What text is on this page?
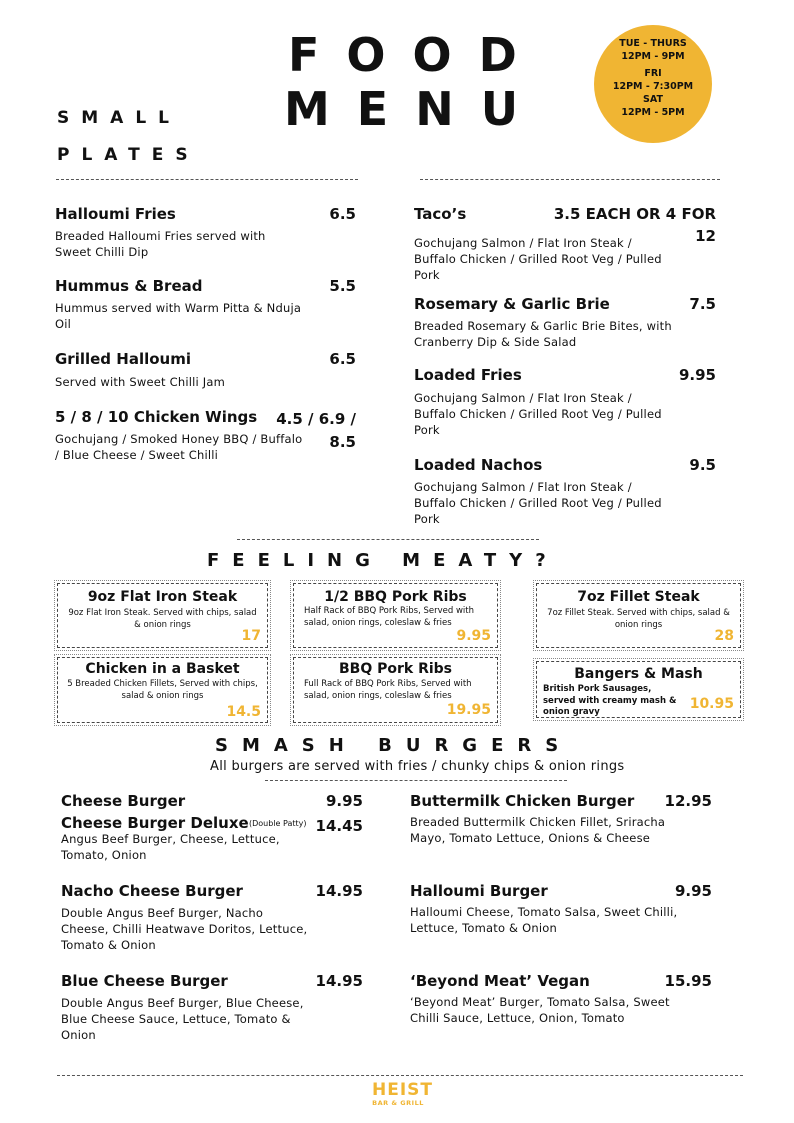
FOOD
MENU
TUE - THURS
12PM - 9PM
FRI
12PM - 7:30PM
SAT
12PM - 5PM
SMALL
PLATES
Halloumi Fries	6.5
Breaded Halloumi Fries served with Sweet Chilli Dip
Hummus & Bread	5.5
Hummus served with Warm Pitta & Nduja Oil
Grilled Halloumi	6.5
Served with Sweet Chilli Jam
5 / 8 / 10 Chicken Wings	4.5 / 6.9 /
8.5
Gochujang / Smoked Honey BBQ / Buffalo / Blue Cheese / Sweet Chilli
Taco’s	3.5 EACH OR 4 FOR
12
Gochujang Salmon / Flat Iron Steak / Buffalo Chicken / Grilled Root Veg / Pulled Pork
Rosemary & Garlic Brie	7.5
Breaded Rosemary & Garlic Brie Bites, with Cranberry Dip & Side Salad
Loaded Fries	9.95
Gochujang Salmon / Flat Iron Steak / Buffalo Chicken / Grilled Root Veg / Pulled Pork
Loaded Nachos	9.5
Gochujang Salmon / Flat Iron Steak / Buffalo Chicken / Grilled Root Veg / Pulled Pork
FEELING MEATY?
9oz Flat Iron Steak
9oz Flat Iron Steak. Served with chips, salad & onion rings
17
1/2 BBQ Pork Ribs
Half Rack of BBQ Pork Ribs, Served with salad, onion rings, coleslaw & fries
9.95
7oz Fillet Steak
7oz Fillet Steak. Served with chips, salad & onion rings
28
Chicken in a Basket
5 Breaded Chicken Fillets, Served with chips, salad & onion rings
14.5
BBQ Pork Ribs
Full Rack of BBQ Pork Ribs, Served with salad, onion rings, coleslaw & fries
19.95
Bangers & Mash
British Pork Sausages, served with creamy mash & onion gravy	10.95
SMASH BURGERS
All burgers are served with fries / chunky chips & onion rings
Cheese Burger	9.95
Cheese Burger Deluxe (Double Patty) 14.45
Angus Beef Burger, Cheese, Lettuce, Tomato, Onion
Nacho Cheese Burger	14.95
Double Angus Beef Burger, Nacho Cheese, Chilli Heatwave Doritos, Lettuce, Tomato & Onion
Blue Cheese Burger	14.95
Double Angus Beef Burger, Blue Cheese, Blue Cheese Sauce, Lettuce, Tomato & Onion
Buttermilk Chicken Burger	12.95
Breaded Buttermilk Chicken Fillet, Sriracha Mayo, Tomato Lettuce, Onions & Cheese
Halloumi Burger	9.95
Halloumi Cheese, Tomato Salsa, Sweet Chilli, Lettuce, Tomato & Onion
‘Beyond Meat’ Vegan	15.95
‘Beyond Meat’ Burger, Tomato Salsa, Sweet Chilli Sauce, Lettuce, Onion, Tomato
HEIST
BAR & GRILL
